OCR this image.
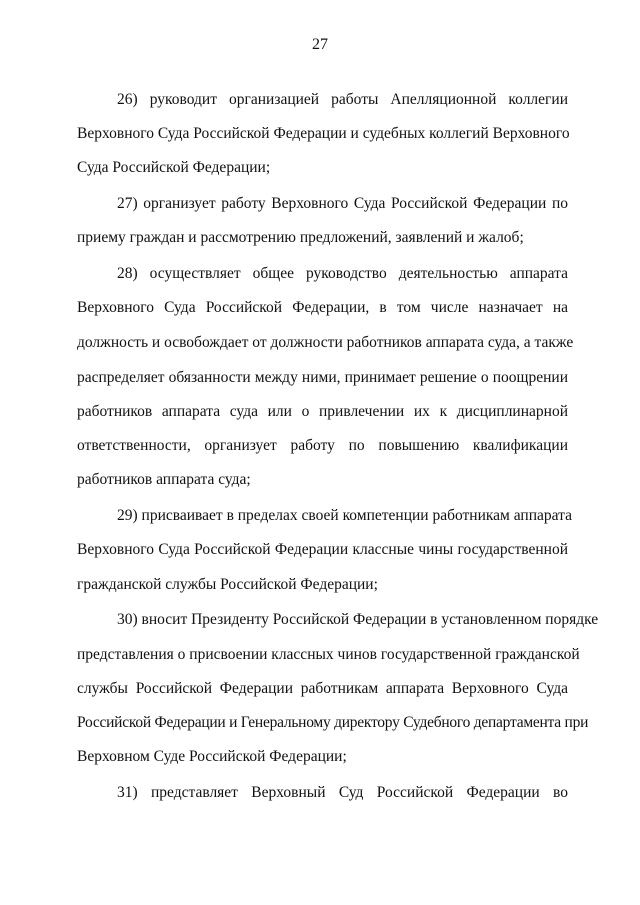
27
26) руководит организацией работы Апелляционной коллегии
Верховного Суда Российской Федерации и судебных коллегий Верховного
Суда Российской Федерации;
27) организует работу Верховного Суда Российской Федерации по
приему граждан и рассмотрению предложений, заявлений и жалоб;
28) осуществляет общее руководство деятельностью аппарата
Верховного Суда Российской Федерации, в том числе назначает на
должность и освобождает от должности работников аппарата суда, а также
распределяет обязанности между ними, принимает решение о поощрении
работников аппарата суда или о привлечении их к дисциплинарной
ответственности, организует работу по повышению квалификации
работников аппарата суда;
29) присваивает в пределах своей компетенции работникам аппарата
Верховного Суда Российской Федерации классные чины государственной
гражданской службы Российской Федерации;
30) вносит Президенту Российской Федерации в установленном порядке
представления о присвоении классных чинов государственной гражданской
службы Российской Федерации работникам аппарата Верховного Суда
Российской Федерации и Генеральному директору Судебного департамента при
Верховном Суде Российской Федерации;
31) представляет Верховный Суд Российской Федерации во
